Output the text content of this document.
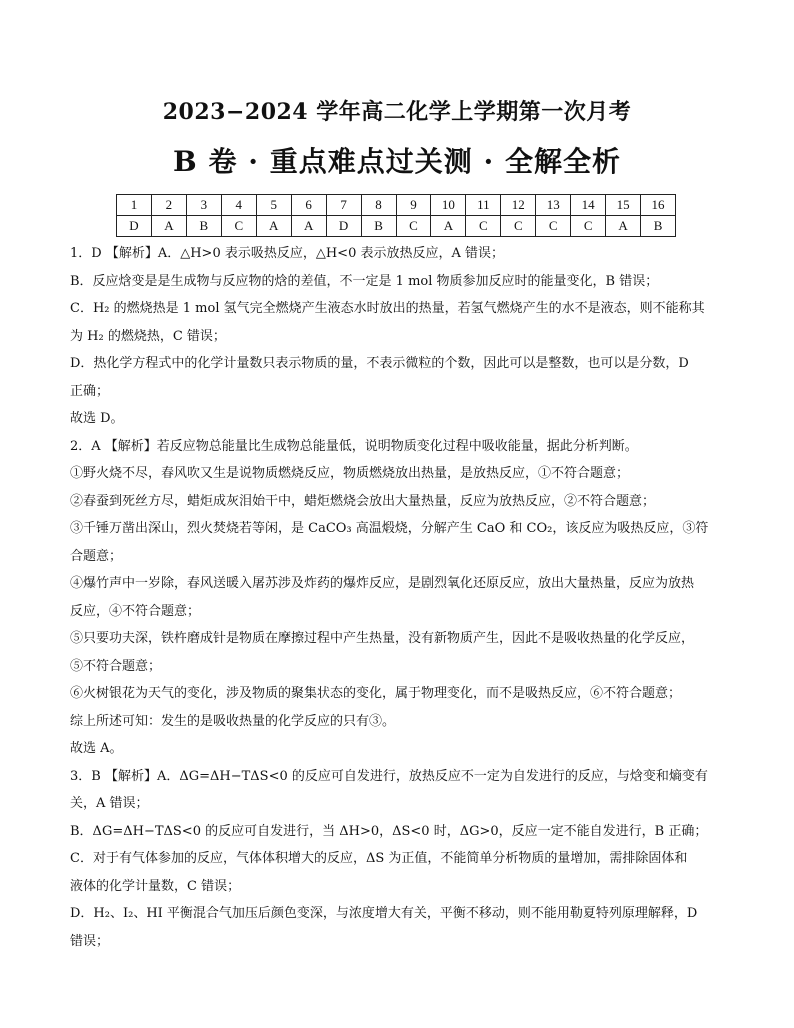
2023−2024 学年高二化学上学期第一次月考
B 卷 · 重点难点过关测 · 全解全析
1	2	3	4	5	6	7	8	9	10	11	12	13	14	15	16
D	A	B	C	A	A	D	B	C	A	C	C	C	C	A	B

1．D 【解析】A．△H>0 表示吸热反应，△H<0 表示放热反应，A 错误；

B．反应焓变是是生成物与反应物的焓的差值，不一定是 1 mol 物质参加反应时的能量变化，B 错误；

C．H₂ 的燃烧热是 1 mol 氢气完全燃烧产生液态水时放出的热量，若氢气燃烧产生的水不是液态，则不能称其

为 H₂ 的燃烧热，C 错误；

D．热化学方程式中的化学计量数只表示物质的量，不表示微粒的个数，因此可以是整数，也可以是分数，D

正确；

故选 D。

2．A 【解析】若反应物总能量比生成物总能量低，说明物质变化过程中吸收能量，据此分析判断。

①野火烧不尽，春风吹又生是说物质燃烧反应，物质燃烧放出热量，是放热反应，①不符合题意；

②春蚕到死丝方尽，蜡炬成灰泪始干中，蜡炬燃烧会放出大量热量，反应为放热反应，②不符合题意；

③千锤万凿出深山，烈火焚烧若等闲，是 CaCO₃ 高温煅烧，分解产生 CaO 和 CO₂，该反应为吸热反应，③符

合题意；

④爆竹声中一岁除，春风送暖入屠苏涉及炸药的爆炸反应，是剧烈氧化还原反应，放出大量热量，反应为放热

反应，④不符合题意；

⑤只要功夫深，铁杵磨成针是物质在摩擦过程中产生热量，没有新物质产生，因此不是吸收热量的化学反应，

⑤不符合题意；

⑥火树银花为天气的变化，涉及物质的聚集状态的变化，属于物理变化，而不是吸热反应，⑥不符合题意；

综上所述可知：发生的是吸收热量的化学反应的只有③。

故选 A。

3．B 【解析】A．ΔG=ΔH−TΔS<0 的反应可自发进行，放热反应不一定为自发进行的反应，与焓变和熵变有

关，A 错误；

B．ΔG=ΔH−TΔS<0 的反应可自发进行，当 ΔH>0，ΔS<0 时，ΔG>0，反应一定不能自发进行，B 正确；

C．对于有气体参加的反应，气体体积增大的反应，ΔS 为正值，不能简单分析物质的量增加，需排除固体和

液体的化学计量数，C 错误；

D．H₂、I₂、HI 平衡混合气加压后颜色变深，与浓度增大有关，平衡不移动，则不能用勒夏特列原理解释，D

错误；
